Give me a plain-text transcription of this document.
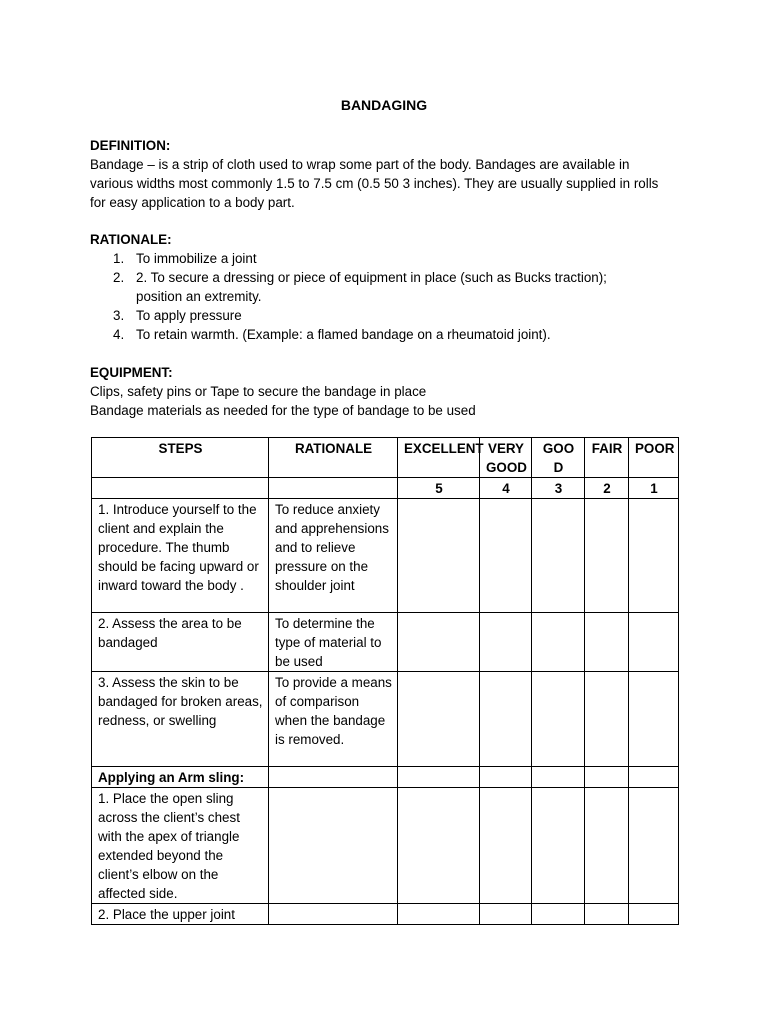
BANDAGING
DEFINITION:
Bandage – is a strip of cloth used to wrap some part of the body. Bandages are available in
various widths most commonly 1.5 to 7.5 cm (0.5 50 3 inches). They are usually supplied in rolls
for easy application to a body part.
RATIONALE:
1. To immobilize a joint
2. 2. To secure a dressing or piece of equipment in place (such as Bucks traction); position an extremity.
3. To apply pressure
4. To retain warmth. (Example: a flamed bandage on a rheumatoid joint).
EQUIPMENT:
Clips, safety pins or Tape to secure the bandage in place
Bandage materials as needed for the type of bandage to be used
STEPS	RATIONALE	EXCELLENT	VERY GOOD	GOO D	FAIR	POOR
		5	4	3	2	1
1. Introduce yourself to the client and explain the procedure. The thumb should be facing upward or inward toward the body .	To reduce anxiety and apprehensions and to relieve pressure on the shoulder joint					
2. Assess the area to be bandaged	To determine the type of material to be used					
3. Assess the skin to be bandaged for broken areas, redness, or swelling	To provide a means of comparison when the bandage is removed.					
Applying an Arm sling:						
1. Place the open sling across the client’s chest with the apex of triangle extended beyond the client’s elbow on the affected side.						
2. Place the upper joint						
